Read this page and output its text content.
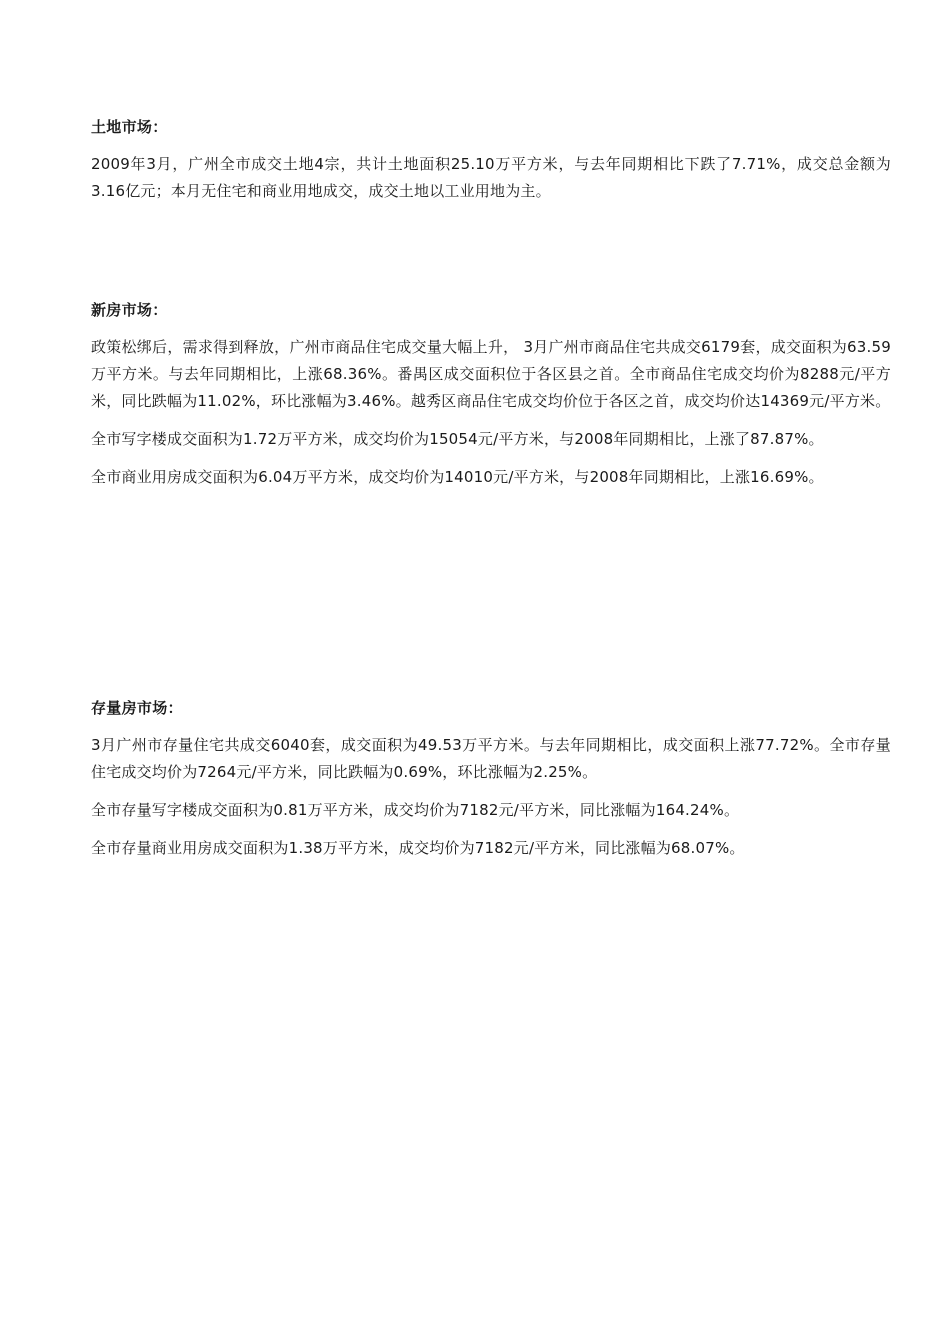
土地市场：

2009年3月，广州全市成交土地4宗，共计土地面积25.10万平方米，与去年同期相比下跌了7.71%，成交总金额为3.16亿元；本月无住宅和商业用地成交，成交土地以工业用地为主。

新房市场：

政策松绑后，需求得到释放，广州市商品住宅成交量大幅上升， 3月广州市商品住宅共成交6179套，成交面积为63.59万平方米。与去年同期相比，上涨68.36%。番禺区成交面积位于各区县之首。全市商品住宅成交均价为8288元/平方米，同比跌幅为11.02%，环比涨幅为3.46%。越秀区商品住宅成交均价位于各区之首，成交均价达14369元/平方米。

全市写字楼成交面积为1.72万平方米，成交均价为15054元/平方米，与2008年同期相比，上涨了87.87%。

全市商业用房成交面积为6.04万平方米，成交均价为14010元/平方米，与2008年同期相比，上涨16.69%。

存量房市场：

3月广州市存量住宅共成交6040套，成交面积为49.53万平方米。与去年同期相比，成交面积上涨77.72%。全市存量住宅成交均价为7264元/平方米，同比跌幅为0.69%，环比涨幅为2.25%。

全市存量写字楼成交面积为0.81万平方米，成交均价为7182元/平方米，同比涨幅为164.24%。

全市存量商业用房成交面积为1.38万平方米，成交均价为7182元/平方米，同比涨幅为68.07%。
